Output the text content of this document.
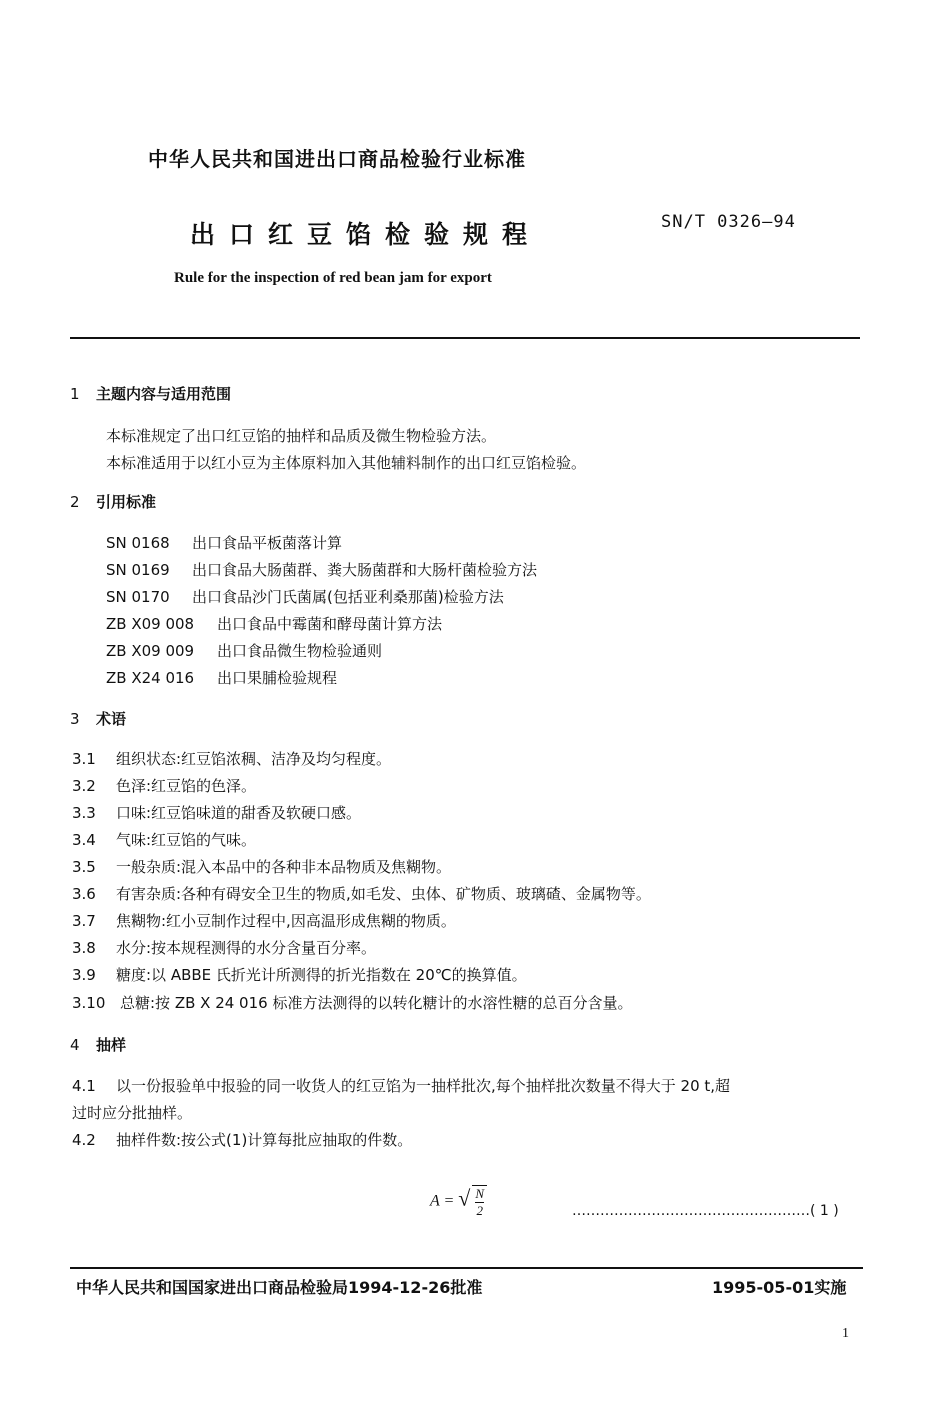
中华人民共和国进出口商品检验行业标准
出口红豆馅检验规程	SN/T 0326—94
Rule for the inspection of red bean jam for export
1 主题内容与适用范围
本标准规定了出口红豆馅的抽样和品质及微生物检验方法。
本标准适用于以红小豆为主体原料加入其他辅料制作的出口红豆馅检验。
2 引用标准
SN 0168 出口食品平板菌落计算
SN 0169 出口食品大肠菌群、粪大肠菌群和大肠杆菌检验方法
SN 0170 出口食品沙门氏菌属(包括亚利桑那菌)检验方法
ZB X09 008 出口食品中霉菌和酵母菌计算方法
ZB X09 009 出口食品微生物检验通则
ZB X24 016 出口果脯检验规程
3 术语
3.1 组织状态:红豆馅浓稠、洁净及均匀程度。
3.2 色泽:红豆馅的色泽。
3.3 口味:红豆馅味道的甜香及软硬口感。
3.4 气味:红豆馅的气味。
3.5 一般杂质:混入本品中的各种非本品物质及焦糊物。
3.6 有害杂质:各种有碍安全卫生的物质,如毛发、虫体、矿物质、玻璃碴、金属物等。
3.7 焦糊物:红小豆制作过程中,因高温形成焦糊的物质。
3.8 水分:按本规程测得的水分含量百分率。
3.9 糖度:以 ABBE 氏折光计所测得的折光指数在 20℃的换算值。
3.10 总糖:按 ZB X 24 016 标准方法测得的以转化糖计的水溶性糖的总百分含量。
4 抽样
4.1 以一份报验单中报验的同一收货人的红豆馅为一抽样批次,每个抽样批次数量不得大于 20 t,超
过时应分批抽样。
4.2 抽样件数:按公式(1)计算每批应抽取的件数。
A = √ $\frac{N}{2}$	……………………………………………( 1 )
中华人民共和国国家进出口商品检验局1994-12-26批准	1995-05-01实施
1
